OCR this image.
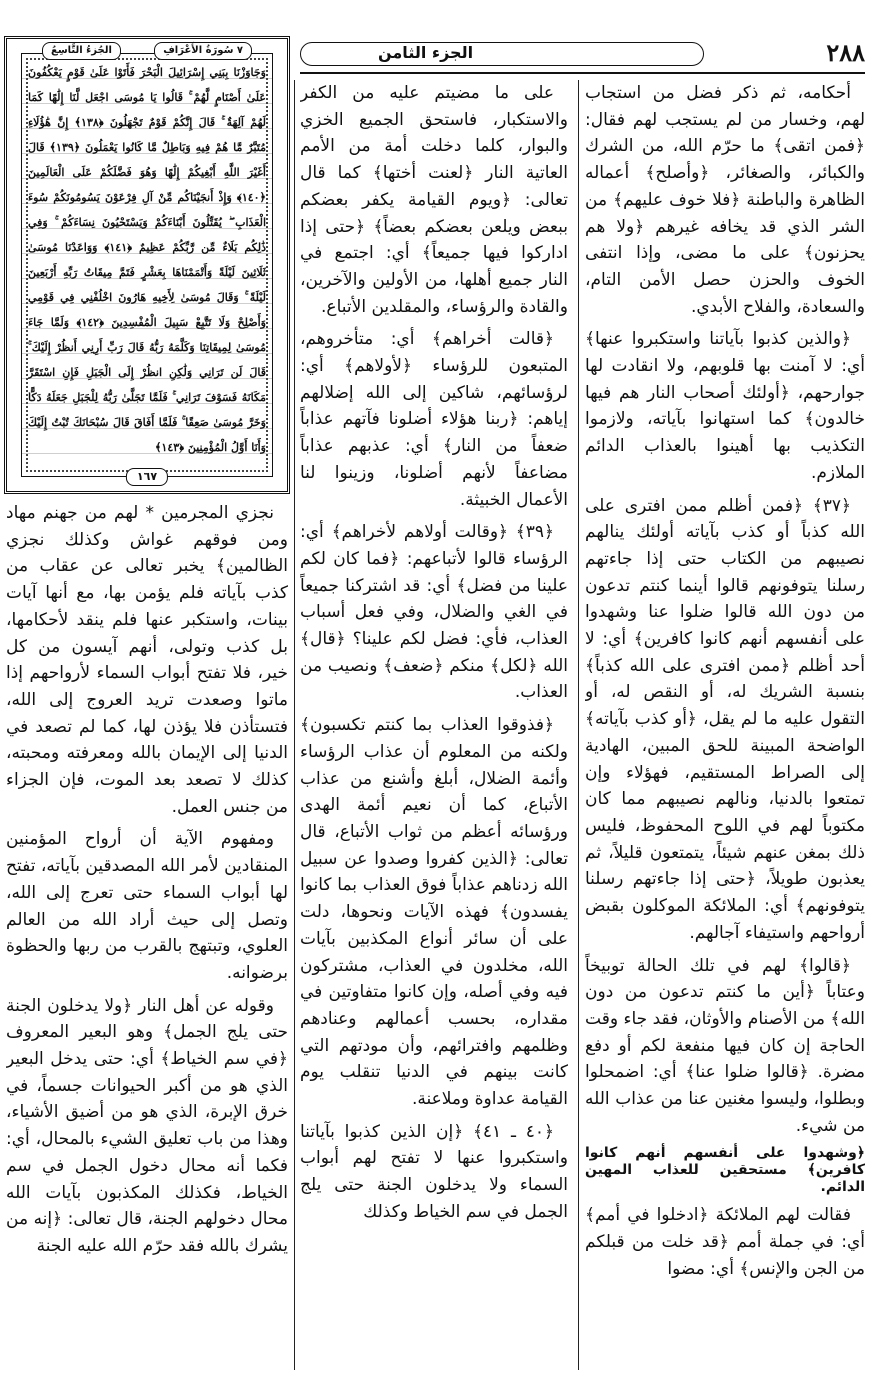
٢٨٨
الجزء الثامن
الجُزءُ التَّاسِعُ	٧ سُورَةُ الأَعْرَافِ
وَجَاوَزْنَا بِبَنِي إِسْرَائِيلَ الْبَحْرَ فَأَتَوْا عَلَىٰ قَوْمٍ يَعْكُفُونَ عَلَىٰ أَصْنَامٍ لَّهُمْ ۚ قَالُوا يَا مُوسَى اجْعَل لَّنَا إِلَٰهًا كَمَا لَهُمْ آلِهَةٌ ۚ قَالَ إِنَّكُمْ قَوْمٌ تَجْهَلُونَ ﴿١٣٨﴾ إِنَّ هَٰؤُلَاءِ مُتَبَّرٌ مَّا هُمْ فِيهِ وَبَاطِلٌ مَّا كَانُوا يَعْمَلُونَ ﴿١٣٩﴾ قَالَ أَغَيْرَ اللَّهِ أَبْغِيكُمْ إِلَٰهًا وَهُوَ فَضَّلَكُمْ عَلَى الْعَالَمِينَ ﴿١٤٠﴾ وَإِذْ أَنجَيْنَاكُم مِّنْ آلِ فِرْعَوْنَ يَسُومُونَكُمْ سُوءَ الْعَذَابِ ۖ يُقَتِّلُونَ أَبْنَاءَكُمْ وَيَسْتَحْيُونَ نِسَاءَكُمْ ۚ وَفِي ذَٰلِكُم بَلَاءٌ مِّن رَّبِّكُمْ عَظِيمٌ ﴿١٤١﴾ وَوَاعَدْنَا مُوسَىٰ ثَلَاثِينَ لَيْلَةً وَأَتْمَمْنَاهَا بِعَشْرٍ فَتَمَّ مِيقَاتُ رَبِّهِ أَرْبَعِينَ لَيْلَةً ۚ وَقَالَ مُوسَىٰ لِأَخِيهِ هَارُونَ اخْلُفْنِي فِي قَوْمِي وَأَصْلِحْ وَلَا تَتَّبِعْ سَبِيلَ الْمُفْسِدِينَ ﴿١٤٢﴾ وَلَمَّا جَاءَ مُوسَىٰ لِمِيقَاتِنَا وَكَلَّمَهُ رَبُّهُ قَالَ رَبِّ أَرِنِي أَنظُرْ إِلَيْكَ ۚ قَالَ لَن تَرَانِي وَلَٰكِنِ انظُرْ إِلَى الْجَبَلِ فَإِنِ اسْتَقَرَّ مَكَانَهُ فَسَوْفَ تَرَانِي ۚ فَلَمَّا تَجَلَّىٰ رَبُّهُ لِلْجَبَلِ جَعَلَهُ دَكًّا وَخَرَّ مُوسَىٰ صَعِقًا ۚ فَلَمَّا أَفَاقَ قَالَ سُبْحَانَكَ تُبْتُ إِلَيْكَ وَأَنَا أَوَّلُ الْمُؤْمِنِينَ ﴿١٤٣﴾
١٦٧

أحكامه، ثم ذكر فضل من استجاب لهم، وخسار من لم يستجب لهم فقال: ﴿فمن اتقى﴾ ما حرّم الله، من الشرك والكبائر، والصغائر، ﴿وأصلح﴾ أعماله الظاهرة والباطنة ﴿فلا خوف عليهم﴾ من الشر الذي قد يخافه غيرهم ﴿ولا هم يحزنون﴾ على ما مضى، وإذا انتفى الخوف والحزن حصل الأمن التام، والسعادة، والفلاح الأبدي.

﴿والذين كذبوا بآياتنا واستكبروا عنها﴾ أي: لا آمنت بها قلوبهم، ولا انقادت لها جوارحهم، ﴿أولئك أصحاب النار هم فيها خالدون﴾ كما استهانوا بآياته، ولازموا التكذيب بها أهينوا بالعذاب الدائم الملازم.

﴿٣٧﴾ ﴿فمن أظلم ممن افترى على الله كذباً أو كذب بآياته أولئك ينالهم نصيبهم من الكتاب حتى إذا جاءتهم رسلنا يتوفونهم قالوا أينما كنتم تدعون من دون الله قالوا ضلوا عنا وشهدوا على أنفسهم أنهم كانوا كافرين﴾ أي: لا أحد أظلم ﴿ممن افترى على الله كذباً﴾ بنسبة الشريك له، أو النقص له، أو التقول عليه ما لم يقل، ﴿أو كذب بآياته﴾ الواضحة المبينة للحق المبين، الهادية إلى الصراط المستقيم، فهؤلاء وإن تمتعوا بالدنيا، ونالهم نصيبهم مما كان مكتوباً لهم في اللوح المحفوظ، فليس ذلك بمغن عنهم شيئاً، يتمتعون قليلاً، ثم يعذبون طويلاً، ﴿حتى إذا جاءتهم رسلنا يتوفونهم﴾ أي: الملائكة الموكلون بقبض أرواحهم واستيفاء آجالهم.

﴿قالوا﴾ لهم في تلك الحالة توبيخاً وعتاباً ﴿أين ما كنتم تدعون من دون الله﴾ من الأصنام والأوثان، فقد جاء وقت الحاجة إن كان فيها منفعة لكم أو دفع مضرة. ﴿قالوا ضلوا عنا﴾ أي: اضمحلوا وبطلوا، وليسوا مغنين عنا من عذاب الله من شيء.

﴿وشهدوا على أنفسهم أنهم كانوا كافرين﴾ مستحقين للعذاب المهين الدائم.

فقالت لهم الملائكة ﴿ادخلوا في أمم﴾ أي: في جملة أمم ﴿قد خلت من قبلكم من الجن والإنس﴾ أي: مضوا

على ما مضيتم عليه من الكفر والاستكبار، فاستحق الجميع الخزي والبوار، كلما دخلت أمة من الأمم العاتية النار ﴿لعنت أختها﴾ كما قال تعالى: ﴿ويوم القيامة يكفر بعضكم ببعض ويلعن بعضكم بعضاً﴾ ﴿حتى إذا اداركوا فيها جميعاً﴾ أي: اجتمع في النار جميع أهلها، من الأولين والآخرين، والقادة والرؤساء، والمقلدين الأتباع.

﴿قالت أخراهم﴾ أي: متأخروهم، المتبعون للرؤساء ﴿لأولاهم﴾ أي: لرؤسائهم، شاكين إلى الله إضلالهم إياهم: ﴿ربنا هؤلاء أضلونا فآتهم عذاباً ضعفاً من النار﴾ أي: عذبهم عذاباً مضاعفاً لأنهم أضلونا، وزينوا لنا الأعمال الخبيثة.

﴿٣٩﴾ ﴿وقالت أولاهم لأخراهم﴾ أي: الرؤساء قالوا لأتباعهم: ﴿فما كان لكم علينا من فضل﴾ أي: قد اشتركنا جميعاً في الغي والضلال، وفي فعل أسباب العذاب، فأي: فضل لكم علينا؟ ﴿قال﴾ الله ﴿لكل﴾ منكم ﴿ضعف﴾ ونصيب من العذاب.

﴿فذوقوا العذاب بما كنتم تكسبون﴾ ولكنه من المعلوم أن عذاب الرؤساء وأئمة الضلال، أبلغ وأشنع من عذاب الأتباع، كما أن نعيم أئمة الهدى ورؤسائه أعظم من ثواب الأتباع، قال تعالى: ﴿الذين كفروا وصدوا عن سبيل الله زدناهم عذاباً فوق العذاب بما كانوا يفسدون﴾ فهذه الآيات ونحوها، دلت على أن سائر أنواع المكذبين بآيات الله، مخلدون في العذاب، مشتركون فيه وفي أصله، وإن كانوا متفاوتين في مقداره، بحسب أعمالهم وعنادهم وظلمهم وافترائهم، وأن مودتهم التي كانت بينهم في الدنيا تنقلب يوم القيامة عداوة وملاعنة.

﴿٤٠ ـ ٤١﴾ ﴿إن الذين كذبوا بآياتنا واستكبروا عنها لا تفتح لهم أبواب السماء ولا يدخلون الجنة حتى يلج الجمل في سم الخياط وكذلك

نجزي المجرمين * لهم من جهنم مهاد ومن فوقهم غواش وكذلك نجزي الظالمين﴾ يخبر تعالى عن عقاب من كذب بآياته فلم يؤمن بها، مع أنها آيات بينات، واستكبر عنها فلم ينقد لأحكامها، بل كذب وتولى، أنهم آيسون من كل خير، فلا تفتح أبواب السماء لأرواحهم إذا ماتوا وصعدت تريد العروج إلى الله، فتستأذن فلا يؤذن لها، كما لم تصعد في الدنيا إلى الإيمان بالله ومعرفته ومحبته، كذلك لا تصعد بعد الموت، فإن الجزاء من جنس العمل.

ومفهوم الآية أن أرواح المؤمنين المنقادين لأمر الله المصدقين بآياته، تفتح لها أبواب السماء حتى تعرج إلى الله، وتصل إلى حيث أراد الله من العالم العلوي، وتبتهج بالقرب من ربها والحظوة برضوانه.

وقوله عن أهل النار ﴿ولا يدخلون الجنة حتى يلج الجمل﴾ وهو البعير المعروف ﴿في سم الخياط﴾ أي: حتى يدخل البعير الذي هو من أكبر الحيوانات جسماً، في خرق الإبرة، الذي هو من أضيق الأشياء، وهذا من باب تعليق الشيء بالمحال، أي: فكما أنه محال دخول الجمل في سم الخياط، فكذلك المكذبون بآيات الله محال دخولهم الجنة، قال تعالى: ﴿إنه من يشرك بالله فقد حرّم الله عليه الجنة
